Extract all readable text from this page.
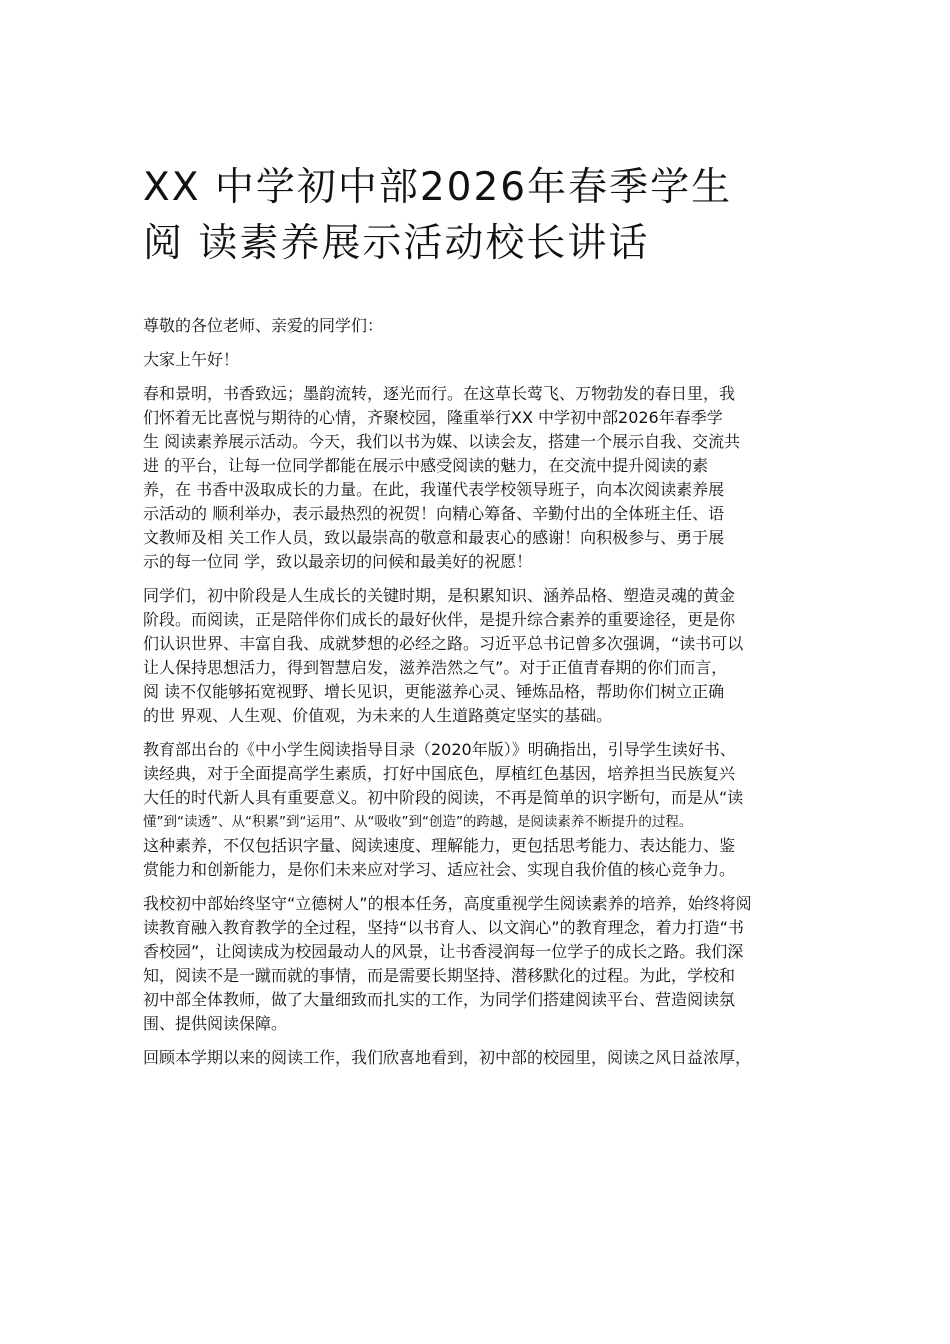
XX 中学初中部2026年春季学生
阅 读素养展示活动校长讲话
尊敬的各位老师、亲爱的同学们：
大家上午好！
春和景明，书香致远；墨韵流转，逐光而行。在这草长莺飞、万物勃发的春日里，我
们怀着无比喜悦与期待的心情，齐聚校园，隆重举行XX 中学初中部2026年春季学
生 阅读素养展示活动。今天，我们以书为媒、以读会友，搭建一个展示自我、交流共
进 的平台，让每一位同学都能在展示中感受阅读的魅力，在交流中提升阅读的素
养，在 书香中汲取成长的力量。在此，我谨代表学校领导班子，向本次阅读素养展
示活动的 顺利举办，表示最热烈的祝贺！向精心筹备、辛勤付出的全体班主任、语
文教师及相 关工作人员，致以最崇高的敬意和最衷心的感谢！向积极参与、勇于展
示的每一位同 学，致以最亲切的问候和最美好的祝愿！
同学们，初中阶段是人生成长的关键时期，是积累知识、涵养品格、塑造灵魂的黄金
阶段。而阅读，正是陪伴你们成长的最好伙伴，是提升综合素养的重要途径，更是你
们认识世界、丰富自我、成就梦想的必经之路。习近平总书记曾多次强调，“读书可以
让人保持思想活力，得到智慧启发，滋养浩然之气”。对于正值青春期的你们而言，
阅 读不仅能够拓宽视野、增长见识，更能滋养心灵、锤炼品格，帮助你们树立正确
的世 界观、人生观、价值观，为未来的人生道路奠定坚实的基础。
教育部出台的《中小学生阅读指导目录（2020年版）》明确指出，引导学生读好书、
读经典，对于全面提高学生素质，打好中国底色，厚植红色基因，培养担当民族复兴
大任的时代新人具有重要意义。初中阶段的阅读，不再是简单的识字断句，而是从“读
懂”到“读透”、从“积累”到“运用”、从“吸收”到“创造”的跨越，是阅读素养不断提升的过程。
这种素养，不仅包括识字量、阅读速度、理解能力，更包括思考能力、表达能力、鉴
赏能力和创新能力，是你们未来应对学习、适应社会、实现自我价值的核心竞争力。
我校初中部始终坚守“立德树人”的根本任务，高度重视学生阅读素养的培养，始终将阅
读教育融入教育教学的全过程，坚持“以书育人、以文润心”的教育理念，着力打造“书
香校园”，让阅读成为校园最动人的风景，让书香浸润每一位学子的成长之路。我们深
知，阅读不是一蹴而就的事情，而是需要长期坚持、潜移默化的过程。为此，学校和
初中部全体教师，做了大量细致而扎实的工作，为同学们搭建阅读平台、营造阅读氛
围、提供阅读保障。
回顾本学期以来的阅读工作，我们欣喜地看到，初中部的校园里，阅读之风日益浓厚，
